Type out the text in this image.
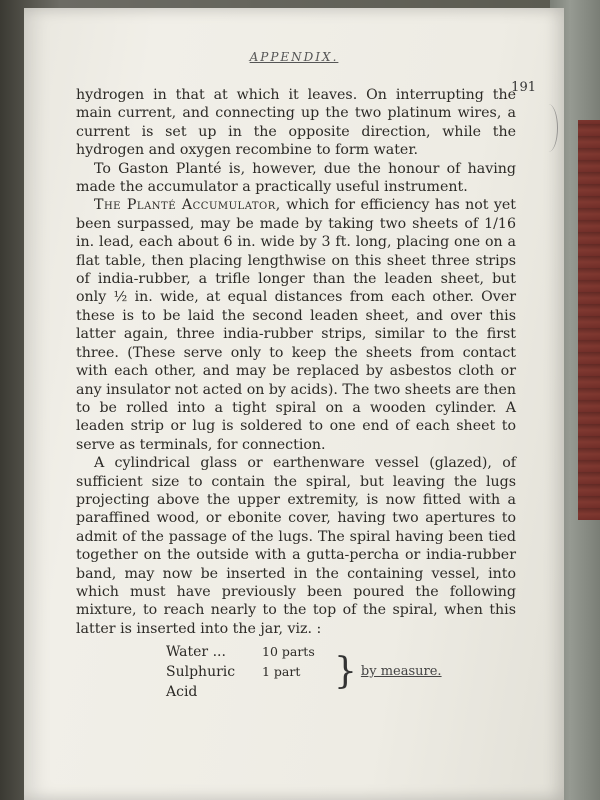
APPENDIX.
191

hydrogen in that at which it leaves. On interrupting the main current, and connecting up the two platinum wires, a current is set up in the opposite direction, while the hydrogen and oxygen recombine to form water.

To Gaston Planté is, however, due the honour of having made the accumulator a practically useful instrument.

The Planté Accumulator, which for efficiency has not yet been surpassed, may be made by taking two sheets of 1/16 in. lead, each about 6 in. wide by 3 ft. long, placing one on a flat table, then placing lengthwise on this sheet three strips of india-rubber, a trifle longer than the leaden sheet, but only ½ in. wide, at equal distances from each other. Over these is to be laid the second leaden sheet, and over this latter again, three india-rubber strips, similar to the first three. (These serve only to keep the sheets from contact with each other, and may be replaced by asbestos cloth or any insulator not acted on by acids). The two sheets are then to be rolled into a tight spiral on a wooden cylinder. A leaden strip or lug is soldered to one end of each sheet to serve as terminals, for connection.

A cylindrical glass or earthenware vessel (glazed), of sufficient size to contain the spiral, but leaving the lugs projecting above the upper extremity, is now fitted with a paraffined wood, or ebonite cover, having two apertures to admit of the passage of the lugs. The spiral having been tied together on the outside with a gutta-percha or india-rubber band, may now be inserted in the containing vessel, into which must have previously been poured the following mixture, to reach nearly to the top of the spiral, when this latter is inserted into the jar, viz. :

Water ...	10 parts
Sulphuric Acid
1 part } by measure.
